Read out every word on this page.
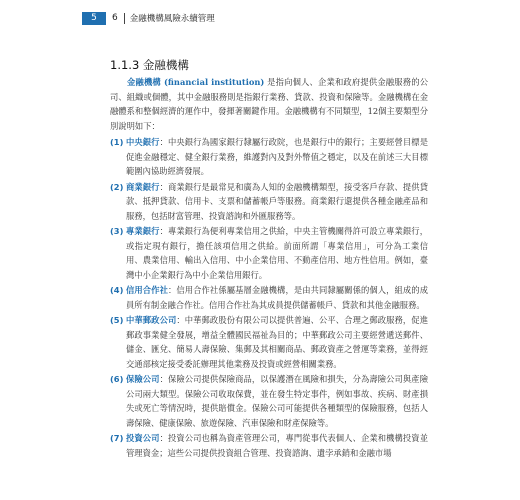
5	6 金融機構風險永續管理
1.1.3 金融機構

金融機構 (financial institution) 是指向個人、企業和政府提供金融服務的公司、組織或個體，其中金融服務則是指銀行業務、貸款、投資和保險等。金融機構在金融體系和整個經濟的運作中，發揮著關鍵作用。金融機構有不同類型，12個主要類型分別說明如下：

(1) 中央銀行：中央銀行為國家銀行隸屬行政院，也是銀行中的銀行；主要經營目標是促進金融穩定、健全銀行業務，維護對內及對外幣值之穩定，以及在前述三大目標範圍內協助經濟發展。
(2) 商業銀行：商業銀行是最常見和廣為人知的金融機構類型，接受客戶存款、提供貸款、抵押貸款、信用卡、支票和儲蓄帳戶等服務。商業銀行還提供各種金融產品和服務，包括財富管理、投資諮詢和外匯服務等。
(3) 專業銀行：專業銀行為便利專業信用之供給，中央主管機關得許可設立專業銀行，或指定現有銀行，擔任該項信用之供給。前面所謂「專業信用」，可分為工業信用、農業信用、輸出入信用、中小企業信用、不動產信用、地方性信用。例如，臺灣中小企業銀行為中小企業信用銀行。
(4) 信用合作社：信用合作社係屬基層金融機構，是由共同隸屬關係的個人，組成的成員所有制金融合作社。信用合作社為其成員提供儲蓄帳戶、貸款和其他金融服務。
(5) 中華郵政公司：中華郵政股份有限公司以提供普遍、公平、合理之郵政服務，促進郵政事業健全發展，增益全體國民福祉為目的；中華郵政公司主要經營遞送郵件、儲金、匯兌、簡易人壽保險、集郵及其相關商品、郵政資產之營運等業務，並得經交通部核定接受委託辦理其他業務及投資或經營相關業務。
(6) 保險公司：保險公司提供保險商品，以保護潛在風險和損失，分為壽險公司與產險公司兩大類型。保險公司收取保費，並在發生特定事件，例如事故、疾病、財產損失或死亡等情況時，提供賠償金。保險公司可能提供各種類型的保險服務，包括人壽保險、健康保險、旅遊保險、汽車保險和財產保險等。
(7) 投資公司：投資公司也稱為資產管理公司，專門從事代表個人、企業和機構投資並管理資金；這些公司提供投資組合管理、投資諮詢、遺孛承銷和金融市場
